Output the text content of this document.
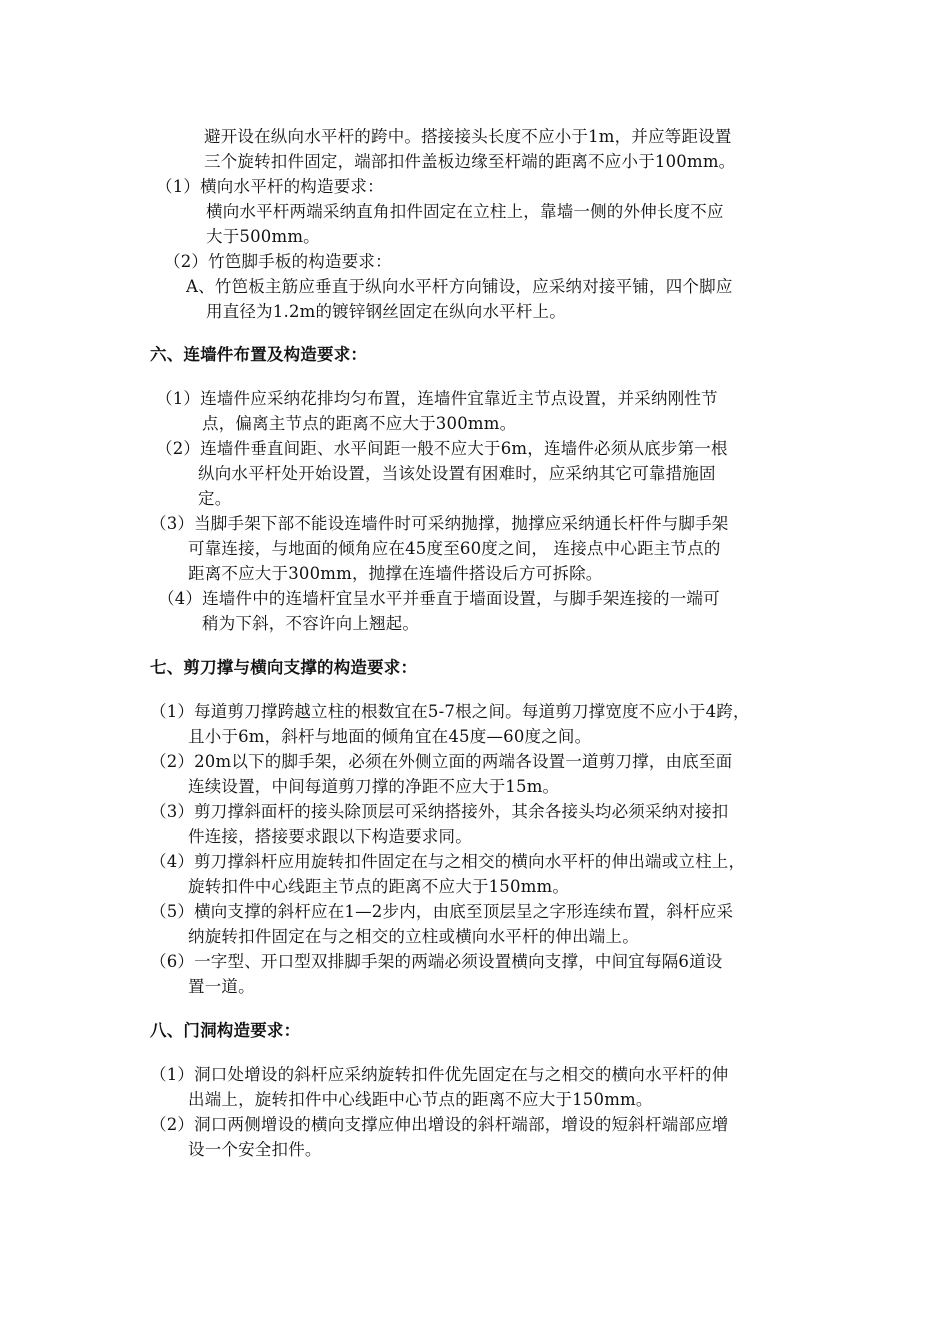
避开设在纵向水平杆的跨中。搭接接头长度不应小于1m，并应等距设置
三个旋转扣件固定，端部扣件盖板边缘至杆端的距离不应小于100mm。
（1）横向水平杆的构造要求：
横向水平杆两端采纳直角扣件固定在立柱上，靠墙一侧的外伸长度不应
大于500mm。
（2）竹笆脚手板的构造要求：
A、竹笆板主筋应垂直于纵向水平杆方向铺设，应采纳对接平铺，四个脚应
用直径为1.2m的镀锌钢丝固定在纵向水平杆上。
六、连墙件布置及构造要求：
（1）连墙件应采纳花排均匀布置，连墙件宜靠近主节点设置，并采纳刚性节
点，偏离主节点的距离不应大于300mm。
（2）连墙件垂直间距、水平间距一般不应大于6m，连墙件必须从底步第一根
纵向水平杆处开始设置，当该处设置有困难时，应采纳其它可靠措施固
定。
（3）当脚手架下部不能设连墙件时可采纳抛撑，抛撑应采纳通长杆件与脚手架
可靠连接，与地面的倾角应在45度至60度之间， 连接点中心距主节点的
距离不应大于300mm，抛撑在连墙件搭设后方可拆除。
（4）连墙件中的连墙杆宜呈水平并垂直于墙面设置，与脚手架连接的一端可
稍为下斜，不容许向上翘起。
七、剪刀撑与横向支撑的构造要求：
（1）每道剪刀撑跨越立柱的根数宜在5-7根之间。每道剪刀撑宽度不应小于4跨，
且小于6m，斜杆与地面的倾角宜在45度—60度之间。
（2）20m以下的脚手架，必须在外侧立面的两端各设置一道剪刀撑，由底至面
连续设置，中间每道剪刀撑的净距不应大于15m。
（3）剪刀撑斜面杆的接头除顶层可采纳搭接外，其余各接头均必须采纳对接扣
件连接，搭接要求跟以下构造要求同。
（4）剪刀撑斜杆应用旋转扣件固定在与之相交的横向水平杆的伸出端或立柱上，
旋转扣件中心线距主节点的距离不应大于150mm。
（5）横向支撑的斜杆应在1—2步内，由底至顶层呈之字形连续布置，斜杆应采
纳旋转扣件固定在与之相交的立柱或横向水平杆的伸出端上。
（6）一字型、开口型双排脚手架的两端必须设置横向支撑，中间宜每隔6道设
置一道。
八、门洞构造要求：
（1）洞口处增设的斜杆应采纳旋转扣件优先固定在与之相交的横向水平杆的伸
出端上，旋转扣件中心线距中心节点的距离不应大于150mm。
（2）洞口两侧增设的横向支撑应伸出增设的斜杆端部，增设的短斜杆端部应增
设一个安全扣件。
